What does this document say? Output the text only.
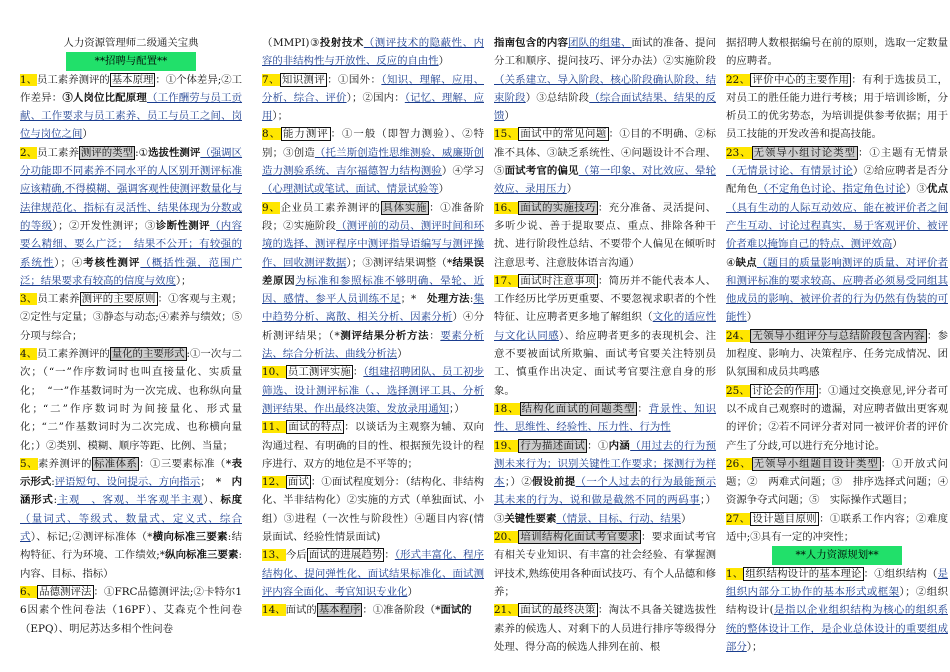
人力资源管理师二级通关宝典
**招聘与配置**
1、员工素养测评的 基本原理 ：①个体差异;②工作差异：③人岗位比配原理（工作酬劳与员工贡献、工作要求与员工素养、员工与员工之间、岗位与岗位之间）
2、员工素养 测评的类型 :①选拔性测评（强调区分功能即不同素养不同水平的人区别开测评标准应该精确,不得模糊、强调客观性使测评数量化与法律规范化、指标有灵活性、结果体现为分数或的等级）；②开发性测评；③诊断性测评（内容要么精细、要么广泛；　结果不公开；有较强的系统性）；④考核性测评（概括性强，范围广泛；结果要求有较高的信度与效度）；
3、员工素养 测评的主要原则 ：①客观与主观；②定性与定量；③静态与动态;④素养与绩效；⑤分项与综合；
4、员工素养测评的 量化的主要形式 :①一次与二次；（“一”作序数词时也叫直接量化、实质量化；　“一”作基数词时为一次完成、也称纵向量化；“二”作序数词时为间接量化、形式量化；“二”作基数词时为二次完成、也称横向量化；）②类别、模糊、顺序等距、比例、当量；
5、素养测评的 标准体系 ：①三要素标准（*表示形式:评语短句、设问提示、方向指示；　*　内涵形式:主观　、客观、半客观半主观）、标度（量词式、等级式、数量式、定义式、综合式）、标记;②测评标准体（*横向标准三要素:结构特征、行为环境、工作绩效;*纵向标准三要素:内容、目标、指标）
6、 品德测评法 ：①FRC品德测评法;②卡特尔16因素个性问卷法（16PF）、艾森克个性问卷（EPQ）、明尼苏达多相个性问卷
（MMPI)③投射技术（测评技术的隐蔽性、内容的非结构性与开放性、反应的自由性）
7、 知识测评 ：①国外：（知识、理解、应用、分析、综合、评价）；②国内：（记忆、理解、应用）；
8、 能力测评 ：①一般（即智力测验）、②特别；③创造（托兰斯创造性思维测验、威廉斯创造力测验系统、吉尔福德智力结构测验）④学习（心理测试或笔试、面试、情景试验等）
9、企业员工素养测评的 具体实施 ：①准备阶段；②实施阶段（测评前的动员、测评时间和环境的选择、测评程序中测评指导语编写与测评操作、回收测评数据）；③测评结果调整（*结果误差原因为标准和参照标准不够明确、晕轮、近因、感情、参平人员训练不足；*　处理方法:集中趋势分析、离散、相关分析、因素分析）④分析测评结果；（*测评结果分析方法：要素分析法、综合分析法、曲线分析法）
10、 员工测评实施 ：（组建招聘团队、员工初步筛选、设计测评标准（、、选择测评工具、分析测评结果、作出最终决策、发放录用通知；）
11、 面试的特点 ：以谈话为主观察为辅、双向沟通过程、有明确的目的性、根据预先设计的程序进行、双方的地位是不平等的；
12、 面试 ：①面试程度划分：（结构化、非结构化、半非结构化）②实施的方式（单独面试、小组）③进程（一次性与阶段性）④题目内容(情景面试、经验性情景面试)
13、今后 面试的进展趋势 ：（形式丰富化、程序结构化、提问弹性化、面试结果标准化、面试测评内容全面化、考官知识专业化）
14、面试的 基本程序 ：①准备阶段（*面试的
指南包含的内容团队的组建、面试的准备、提问分工和顺序、提问技巧、评分办法）②实施阶段（关系建立、导入阶段、核心阶段确认阶段、结束阶段）③总结阶段（综合面试结果、结果的反馈）
15、 面试中的常见问题 ：①目的不明确、②标准不具体、③缺乏系统性、④问题设计不合理、⑤面试考官的偏见（第一印象、对比效应、晕轮效应、录用压力）
16、 面试的实施技巧 ：充分准备、灵活提问、多听少说、善于提取要点、重点、排除各种干扰、进行阶段性总结、不要带个人偏见在倾听时注意思考、注意肢体语言沟通）
17、 面试时注意事项 ：简历并不能代表本人、工作经历比学历更重要、不要忽视求职者的个性特征、让应聘者更多地了解组织（文化的适应性与文化认同感）、给应聘者更多的表现机会、注意不要被面试所欺骗、面试考官要关注特别员工、慎重作出决定、面试考官要注意自身的形象。
18、 结构化面试的问题类型 ：背景性、知识性、思维性、经验性、压力性、行为性
19、 行为描述面试 ：①内涵（用过去的行为预测未来行为；识别关键性工作要求；探测行为样本；）②假设前提（一个人过去的行为最能预示其未来的行为、说和做是截然不同的两码事；）③关键性要素（情景、目标、行动、结果）
20、 培训结构化面试考官要求 ：要求面试考官有相关专业知识、有丰富的社会经验、有掌握测评技术,熟练使用各种面试技巧、有个人品德和修养；
21、 面试的最终决策 ：淘汰不具备关键选拔性素养的候选人、对剩下的人员进行排序等级得分处理、得分高的候选人排列在前、根
据招聘人数根据编号在前的原则，选取一定数量的应聘者。
22、 评价中心的主要作用 ：有利于选拔员工，对员工的胜任能力进行考核；用于培训诊断，分析员工的优劣势态，为培训提供参考依据；用于员工技能的开发改善和提高技能。
23、 无领导小组讨论类型 ：①主题有无情景（无情景讨论、有情景讨论）②给应聘者是否分配角色（不定角色讨论、指定角色讨论）③优点（具有生动的人际互动效应、能在被评价者之间产生互动、讨论过程真实，易于客观评价、被评价者难以掩饰自己的特点、测评效高）
④缺点（题目的质量影响测评的质量、对评价者和测评标准的要求较高、应聘者必须易受同组其他成员的影响、被评价者的行为仍然有伪装的可能性）
24、 无领导小组评分与总结阶段包含内容 ：参加程度、影响力、决策程序、任务完成情况、团队氛围和成员共鸣感
25、 讨论会的作用 ：①通过交换意见,评分者可以不成自己观察时的遗漏，对应聘者做出更客观的评价；②若不同评分者对同一被评价者的评价产生了分歧,可以进行充分地讨论。
26、 无领导小组题目设计类型 ：①开放式问题；②　两难式问题；③　排序选择式问题；④资源争夺式问题；⑤　实际操作式题目；
27、 设计题目原则 ：①联系工作内容；②难度适中;③具有一定的冲突性；
**人力资源规划**
1、 组织结构设计的基本理论 ：①组织结构（是组织内部分工协作的基本形式或框架）；②组织结构设计(是指以企业组织结构为核心的组织系统的整体设计工作，是企业总体设计的重要组成部分）；
